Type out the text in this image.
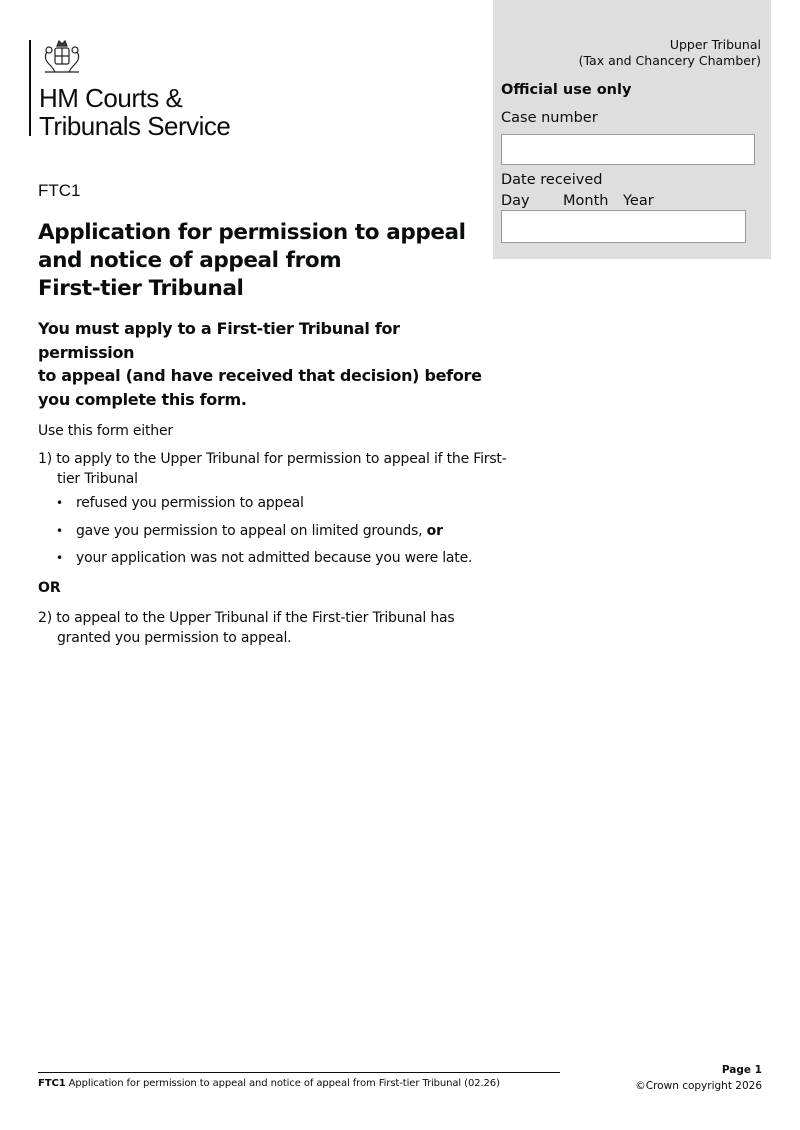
HM Courts &
Tribunals Service
Upper Tribunal
(Tax and Chancery Chamber)
Official use only
Case number
Date received
Day Month Year
FTC1
Application for permission to appeal
and notice of appeal from
First-tier Tribunal
You must apply to a First-tier Tribunal for permission
to appeal (and have received that decision) before
you complete this form.
Use this form either
1) to apply to the Upper Tribunal for permission to appeal if the First-tier Tribunal
• refused you permission to appeal
• gave you permission to appeal on limited grounds, or
• your application was not admitted because you were late.
OR
2) to appeal to the Upper Tribunal if the First-tier Tribunal has granted you permission to appeal.
FTC1 Application for permission to appeal and notice of appeal from First-tier Tribunal (02.26)
Page 1
©Crown copyright 2026
